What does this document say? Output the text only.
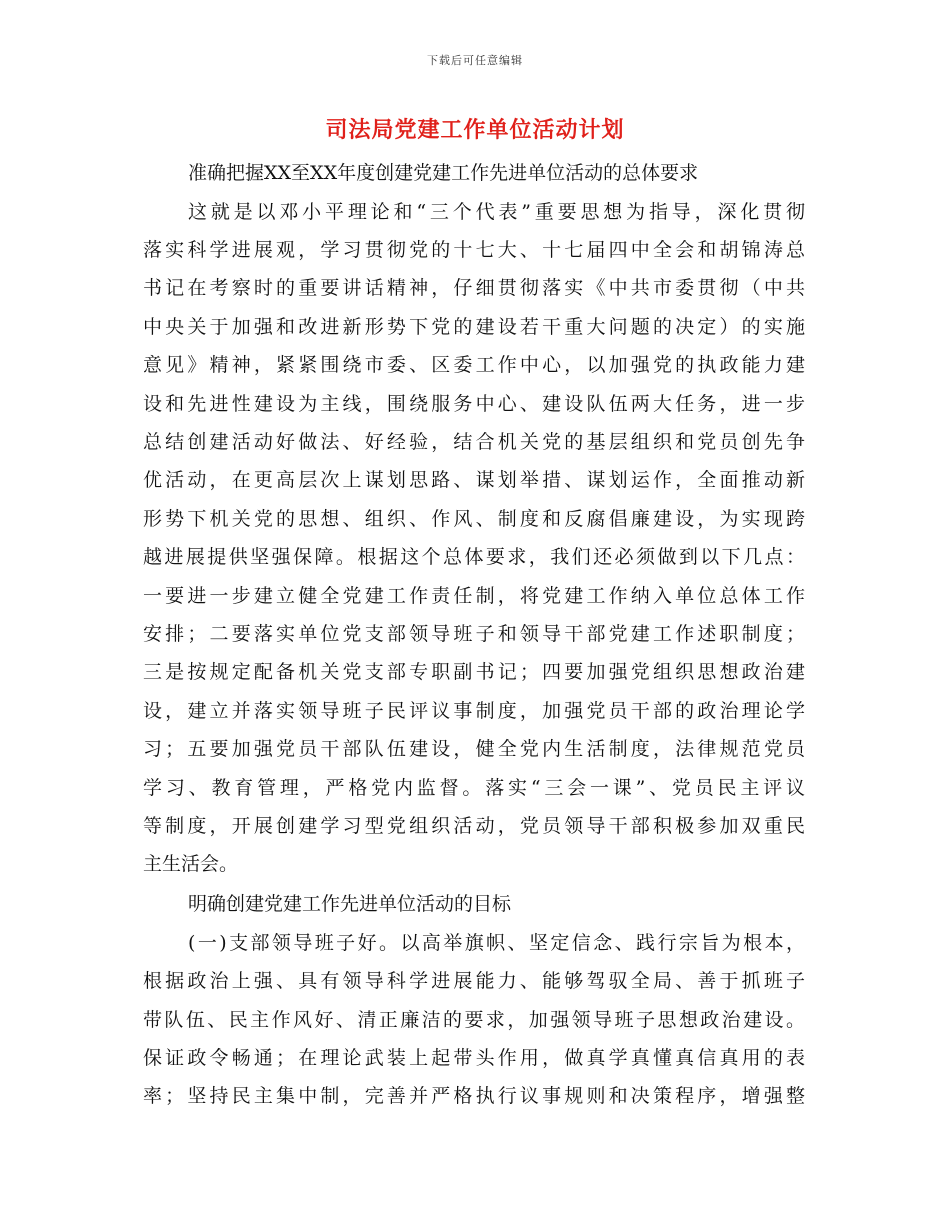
下载后可任意编辑
司法局党建工作单位活动计划
准确把握XX至XX年度创建党建工作先进单位活动的总体要求
这就是以邓小平理论和“三个代表”重要思想为指导，深化贯彻
落实科学进展观，学习贯彻党的十七大、十七届四中全会和胡锦涛总
书记在考察时的重要讲话精神，仔细贯彻落实《中共市委贯彻（中共
中央关于加强和改进新形势下党的建设若干重大问题的决定）的实施
意见》精神，紧紧围绕市委、区委工作中心，以加强党的执政能力建
设和先进性建设为主线，围绕服务中心、建设队伍两大任务，进一步
总结创建活动好做法、好经验，结合机关党的基层组织和党员创先争
优活动，在更高层次上谋划思路、谋划举措、谋划运作，全面推动新
形势下机关党的思想、组织、作风、制度和反腐倡廉建设，为实现跨
越进展提供坚强保障。根据这个总体要求，我们还必须做到以下几点：
一要进一步建立健全党建工作责任制，将党建工作纳入单位总体工作
安排；二要落实单位党支部领导班子和领导干部党建工作述职制度；
三是按规定配备机关党支部专职副书记；四要加强党组织思想政治建
设，建立并落实领导班子民评议事制度，加强党员干部的政治理论学
习；五要加强党员干部队伍建设，健全党内生活制度，法律规范党员
学习、教育管理，严格党内监督。落实“三会一课”、党员民主评议
等制度，开展创建学习型党组织活动，党员领导干部积极参加双重民
主生活会。
明确创建党建工作先进单位活动的目标
(一)支部领导班子好。以高举旗帜、坚定信念、践行宗旨为根本，
根据政治上强、具有领导科学进展能力、能够驾驭全局、善于抓班子
带队伍、民主作风好、清正廉洁的要求，加强领导班子思想政治建设。
保证政令畅通；在理论武装上起带头作用，做真学真懂真信真用的表
率；坚持民主集中制，完善并严格执行议事规则和决策程序，增强整
